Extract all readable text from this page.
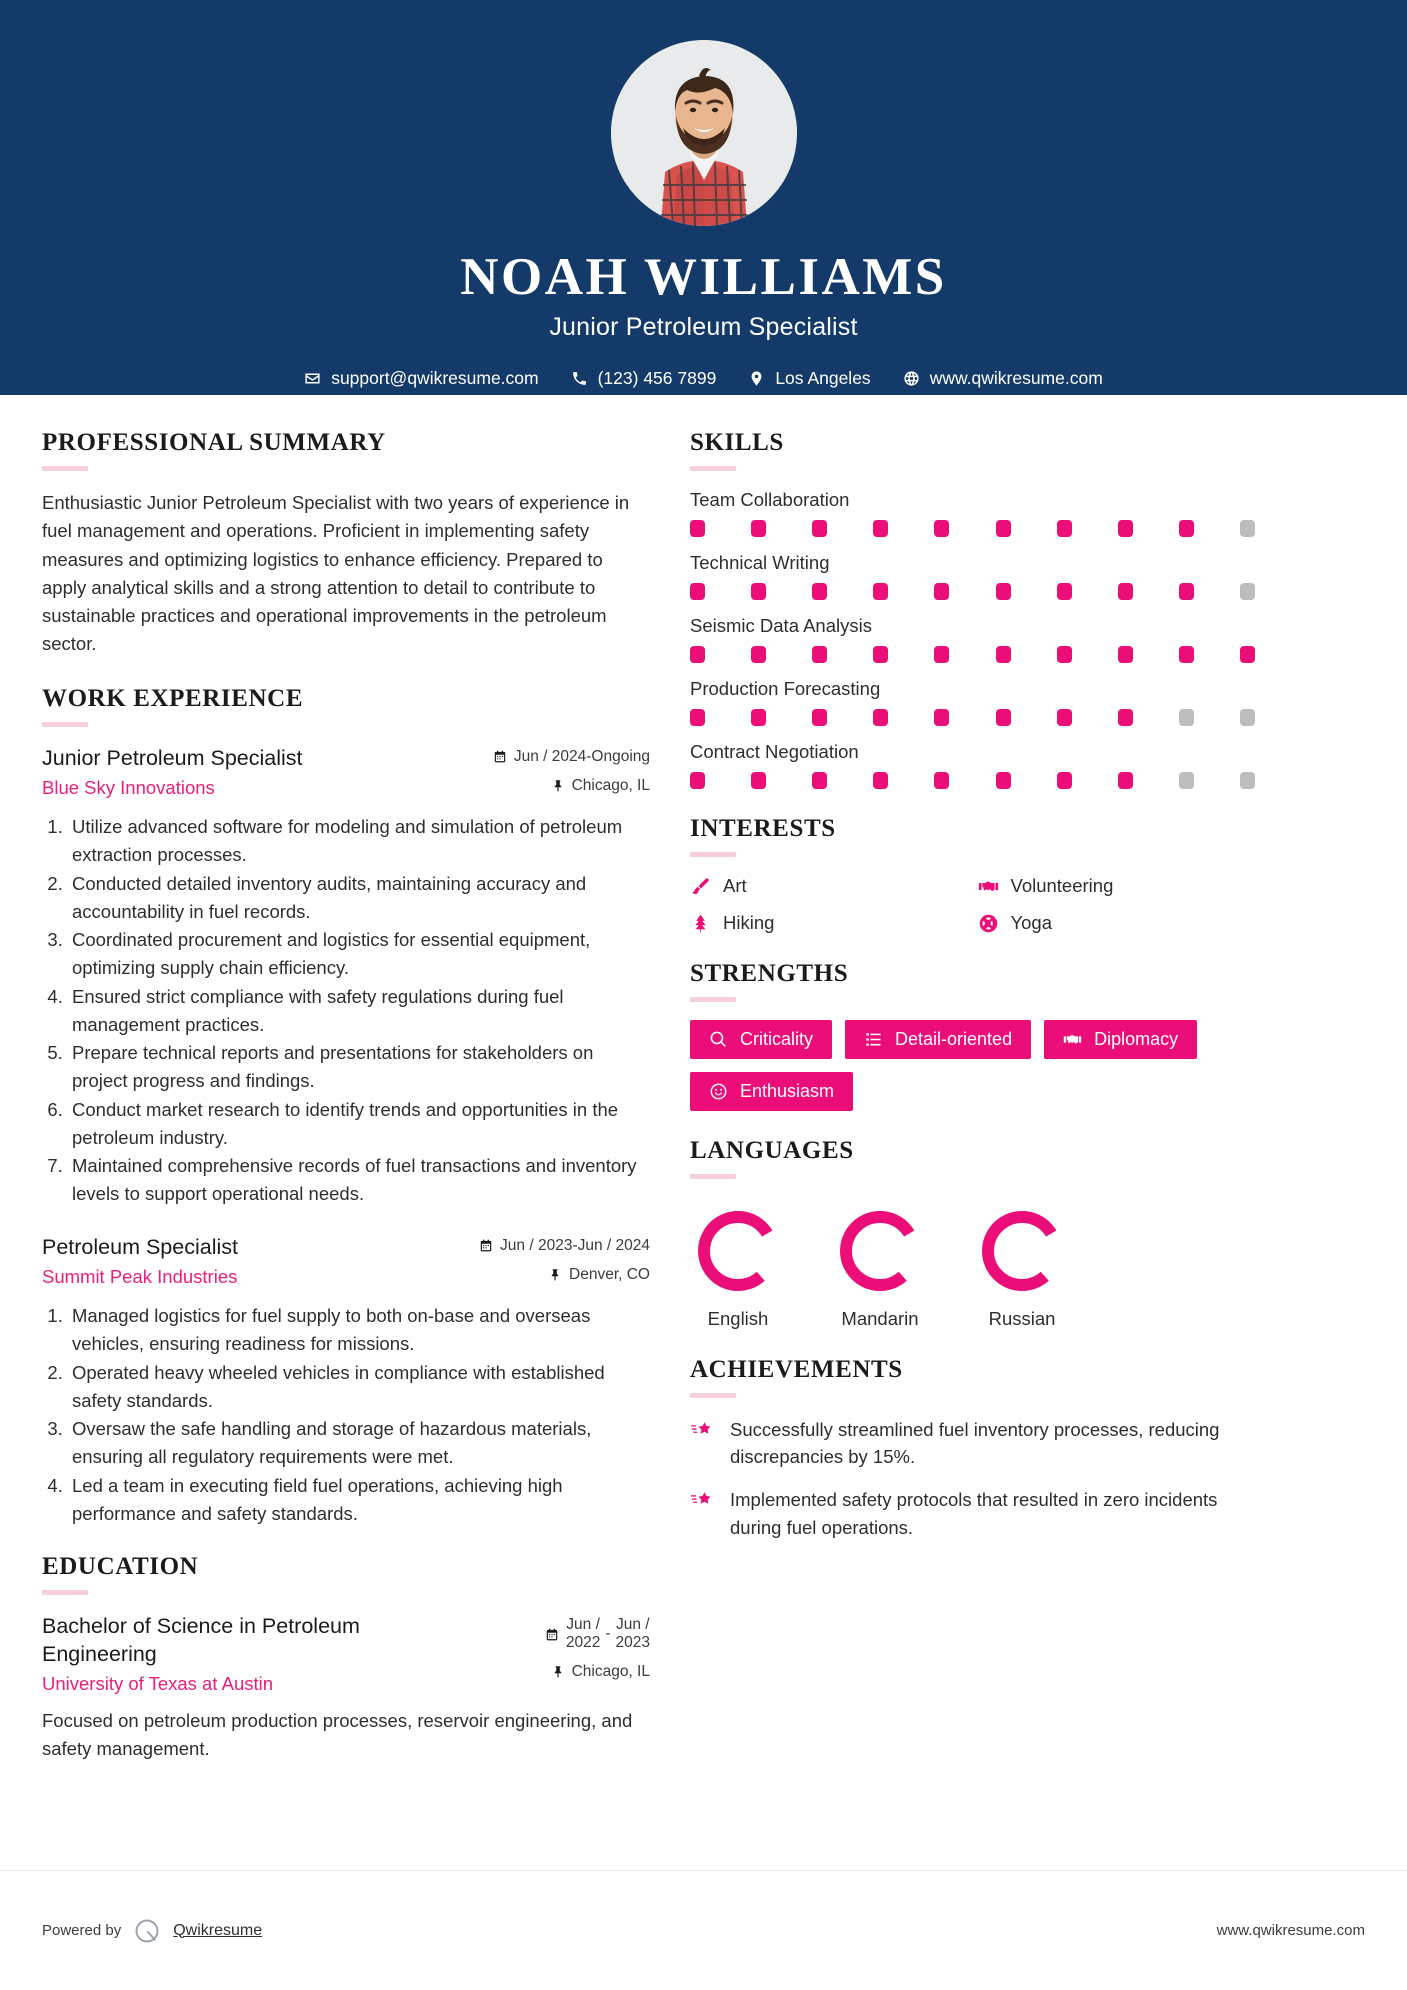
NOAH WILLIAMS
Junior Petroleum Specialist
support@qwikresume.com	(123) 456 7899	Los Angeles	www.qwikresume.com
PROFESSIONAL SUMMARY

Enthusiastic Junior Petroleum Specialist with two years of experience in fuel management and operations. Proficient in implementing safety measures and optimizing logistics to enhance efficiency. Prepared to apply analytical skills and a strong attention to detail to contribute to sustainable practices and operational improvements in the petroleum sector.

WORK EXPERIENCE
Junior Petroleum Specialist
Blue Sky Innovations
Jun / 2024-Ongoing
Chicago, IL
1. Utilize advanced software for modeling and simulation of petroleum extraction processes.
2. Conducted detailed inventory audits, maintaining accuracy and accountability in fuel records.
3. Coordinated procurement and logistics for essential equipment, optimizing supply chain efficiency.
4. Ensured strict compliance with safety regulations during fuel management practices.
5. Prepare technical reports and presentations for stakeholders on project progress and findings.
6. Conduct market research to identify trends and opportunities in the petroleum industry.
7. Maintained comprehensive records of fuel transactions and inventory levels to support operational needs.
Petroleum Specialist
Summit Peak Industries
Jun / 2023-Jun / 2024
Denver, CO
1. Managed logistics for fuel supply to both on-base and overseas vehicles, ensuring readiness for missions.
2. Operated heavy wheeled vehicles in compliance with established safety standards.
3. Oversaw the safe handling and storage of hazardous materials, ensuring all regulatory requirements were met.
4. Led a team in executing field fuel operations, achieving high performance and safety standards.
EDUCATION
Bachelor of Science in Petroleum Engineering
University of Texas at Austin
Jun /
2022
-
Jun /
2023
Chicago, IL

Focused on petroleum production processes, reservoir engineering, and safety management.

SKILLS
Team Collaboration
Technical Writing
Seismic Data Analysis
Production Forecasting
Contract Negotiation
INTERESTS
Art	Volunteering
Hiking	Yoga
STRENGTHS
Criticality	Detail-oriented	Diplomacy
Enthusiasm
LANGUAGES
English	Mandarin	Russian
ACHIEVEMENTS
Successfully streamlined fuel inventory processes, reducing discrepancies by 15%.
Implemented safety protocols that resulted in zero incidents during fuel operations.
Powered by	Qwikresume	www.qwikresume.com
